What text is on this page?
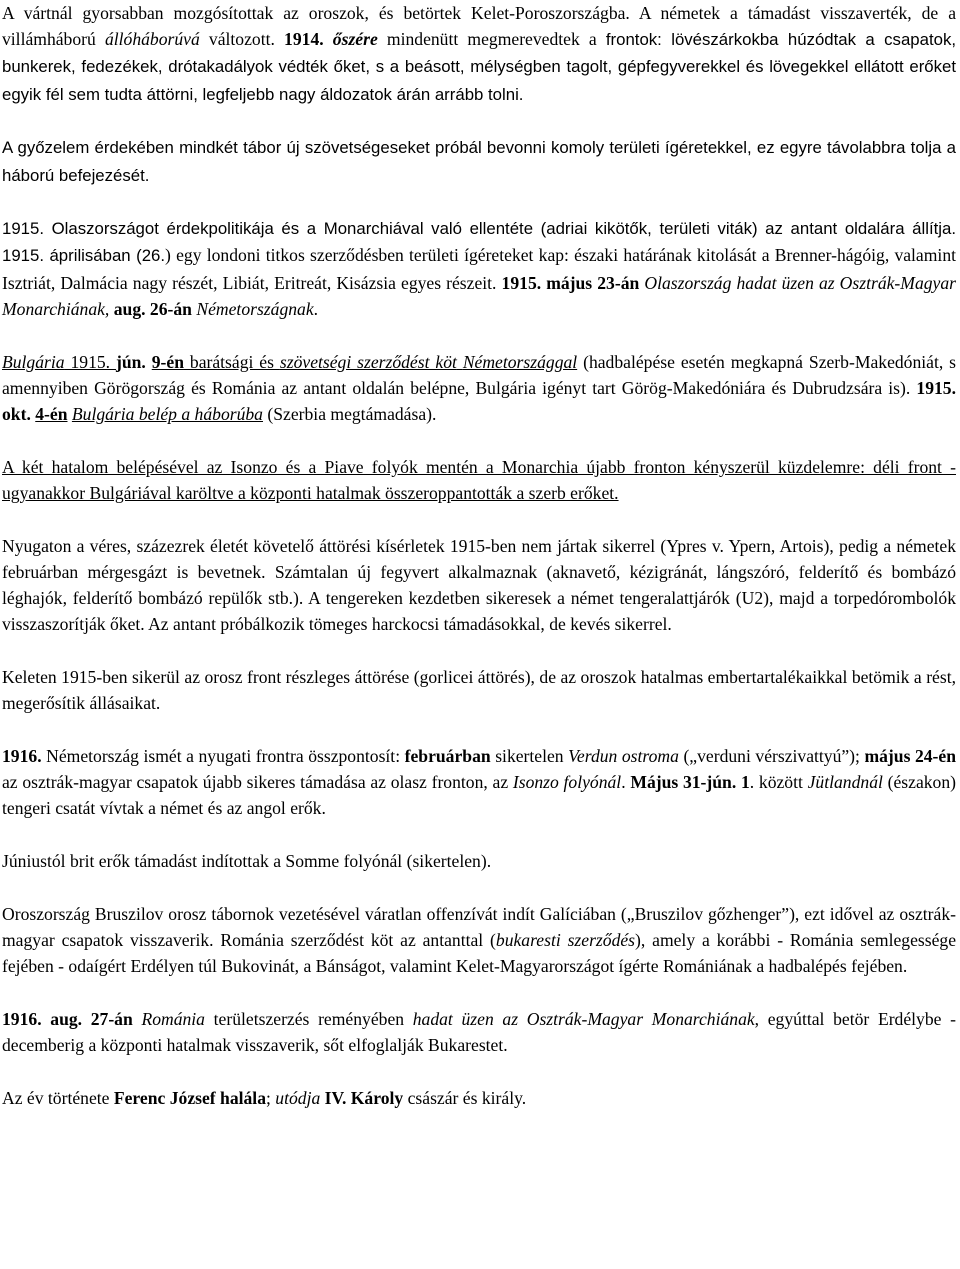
A vártnál gyorsabban mozgósítottak az oroszok, és betörtek Kelet-Poroszországba. A németek a támadást visszaverték, de a villámháború állóháborúvá változott. 1914. őszére mindenütt megmerevedtek a frontok: lövészárkokba húzódtak a csapatok, bunkerek, fedezékek, drótakadályok védték őket, s a beásott, mélységben tagolt, gépfegyverekkel és lövegekkel ellátott erőket egyik fél sem tudta áttörni, legfeljebb nagy áldozatok árán arrább tolni.

A győzelem érdekében mindkét tábor új szövetségeseket próbál bevonni komoly területi ígéretekkel, ez egyre távolabbra tolja a háború befejezését.

1915. Olaszországot érdekpolitikája és a Monarchiával való ellentéte (adriai kikötők, területi viták) az antant oldalára állítja. 1915. áprilisában (26.) egy londoni titkos szerződésben területi ígéreteket kap: északi határának kitolását a Brenner-hágóig, valamint Isztriát, Dalmácia nagy részét, Libiát, Eritreát, Kisázsia egyes részeit. 1915. május 23-án Olaszország hadat üzen az Osztrák-Magyar Monarchiának, aug. 26-án Németországnak.

Bulgária 1915. jún. 9-én barátsági és szövetségi szerződést köt Németországgal (hadbalépése esetén megkapná Szerb-Makedóniát, s amennyiben Görögország és Románia az antant oldalán belépne, Bulgária igényt tart Görög-Makedóniára és Dubrudzsára is). 1915. okt. 4-én Bulgária belép a háborúba (Szerbia megtámadása).

A két hatalom belépésével az Isonzo és a Piave folyók mentén a Monarchia újabb fronton kényszerül küzdelemre: déli front - ugyanakkor Bulgáriával karöltve a központi hatalmak összeroppantották a szerb erőket.

Nyugaton a véres, százezrek életét követelő áttörési kísérletek 1915-ben nem jártak sikerrel (Ypres v. Ypern, Artois), pedig a németek februárban mérgesgázt is bevetnek. Számtalan új fegyvert alkalmaznak (aknavető, kézigránát, lángszóró, felderítő és bombázó léghajók, felderítő bombázó repülők stb.). A tengereken kezdetben sikeresek a német tengeralattjárók (U2), majd a torpedórombolók visszaszorítják őket. Az antant próbálkozik tömeges harckocsi támadásokkal, de kevés sikerrel.

Keleten 1915-ben sikerül az orosz front részleges áttörése (gorlicei áttörés), de az oroszok hatalmas embertartalékaikkal betömik a rést, megerősítik állásaikat.

1916. Németország ismét a nyugati frontra összpontosít: februárban sikertelen Verdun ostroma („verduni vérszivattyú”); május 24-én az osztrák-magyar csapatok újabb sikeres támadása az olasz fronton, az Isonzo folyónál. Május 31-jún. 1. között Jütlandnál (északon) tengeri csatát vívtak a német és az angol erők.

Júniustól brit erők támadást indítottak a Somme folyónál (sikertelen).

Oroszország Bruszilov orosz tábornok vezetésével váratlan offenzívát indít Galíciában („Bruszilov gőzhenger”), ezt idővel az osztrák-magyar csapatok visszaverik. Románia szerződést köt az antanttal (bukaresti szerződés), amely a korábbi - Románia semlegessége fejében - odaígért Erdélyen túl Bukovinát, a Bánságot, valamint Kelet-Magyarországot ígérte Romániának a hadbalépés fejében.

1916. aug. 27-án Románia területszerzés reményében hadat üzen az Osztrák-Magyar Monarchiának, egyúttal betör Erdélybe - decemberig a központi hatalmak visszaverik, sőt elfoglalják Bukarestet.

Az év története Ferenc József halála; utódja IV. Károly császár és király.
